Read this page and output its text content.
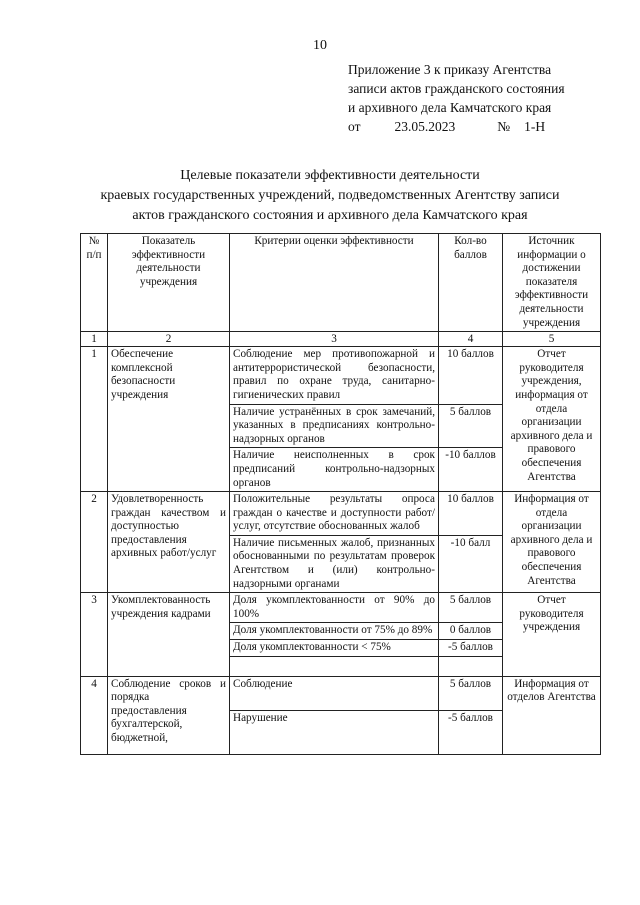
10
Приложение 3 к приказу Агентства
записи актов гражданского состояния
и архивного дела Камчатского края
от	23.05.2023	№ 1-Н
Целевые показатели эффективности деятельности
краевых государственных учреждений, подведомственных Агентству записи
актов гражданского состояния и архивного дела Камчатского края
№ п/п	Показатель эффективности деятельности учреждения	Критерии оценки эффективности	Кол-во баллов	Источник информации о достижении показателя эффективности деятельности учреждения
1	2	3	4	5
1	Обеспечение комплексной безопасности учреждения	Соблюдение мер противопожарной и антитеррористической безопасности, правил по охране труда, санитарно-гигиенических правил	10 баллов	Отчет руководителя учреждения, информация от отдела организации архивного дела и правового обеспечения Агентства
		Наличие устранённых в срок замечаний, указанных в предписаниях контрольно-надзорных органов	5 баллов	
		Наличие неисполненных в срок предписаний контрольно-надзорных органов	-10 баллов	
2	Удовлетворенность граждан качеством и доступностью предоставления архивных работ/услуг	Положительные результаты опроса граждан о качестве и доступности работ/услуг, отсутствие обоснованных жалоб	10 баллов	Информация от отдела организации архивного дела и правового обеспечения Агентства
		Наличие письменных жалоб, признанных обоснованными по результатам проверок Агентством и (или) контрольно-надзорными органами	-10 балл	
3	Укомплектованность учреждения кадрами	Доля укомплектованности от 90% до 100%	5 баллов	Отчет руководителя учреждения
		Доля укомплектованности от 75% до 89%	0 баллов	
		Доля укомплектованности < 75%	-5 баллов	

4	Соблюдение сроков и порядка предоставления бухгалтерской, бюджетной,	Соблюдение	5 баллов	Информация от отделов Агентства
		Нарушение	-5 баллов	
